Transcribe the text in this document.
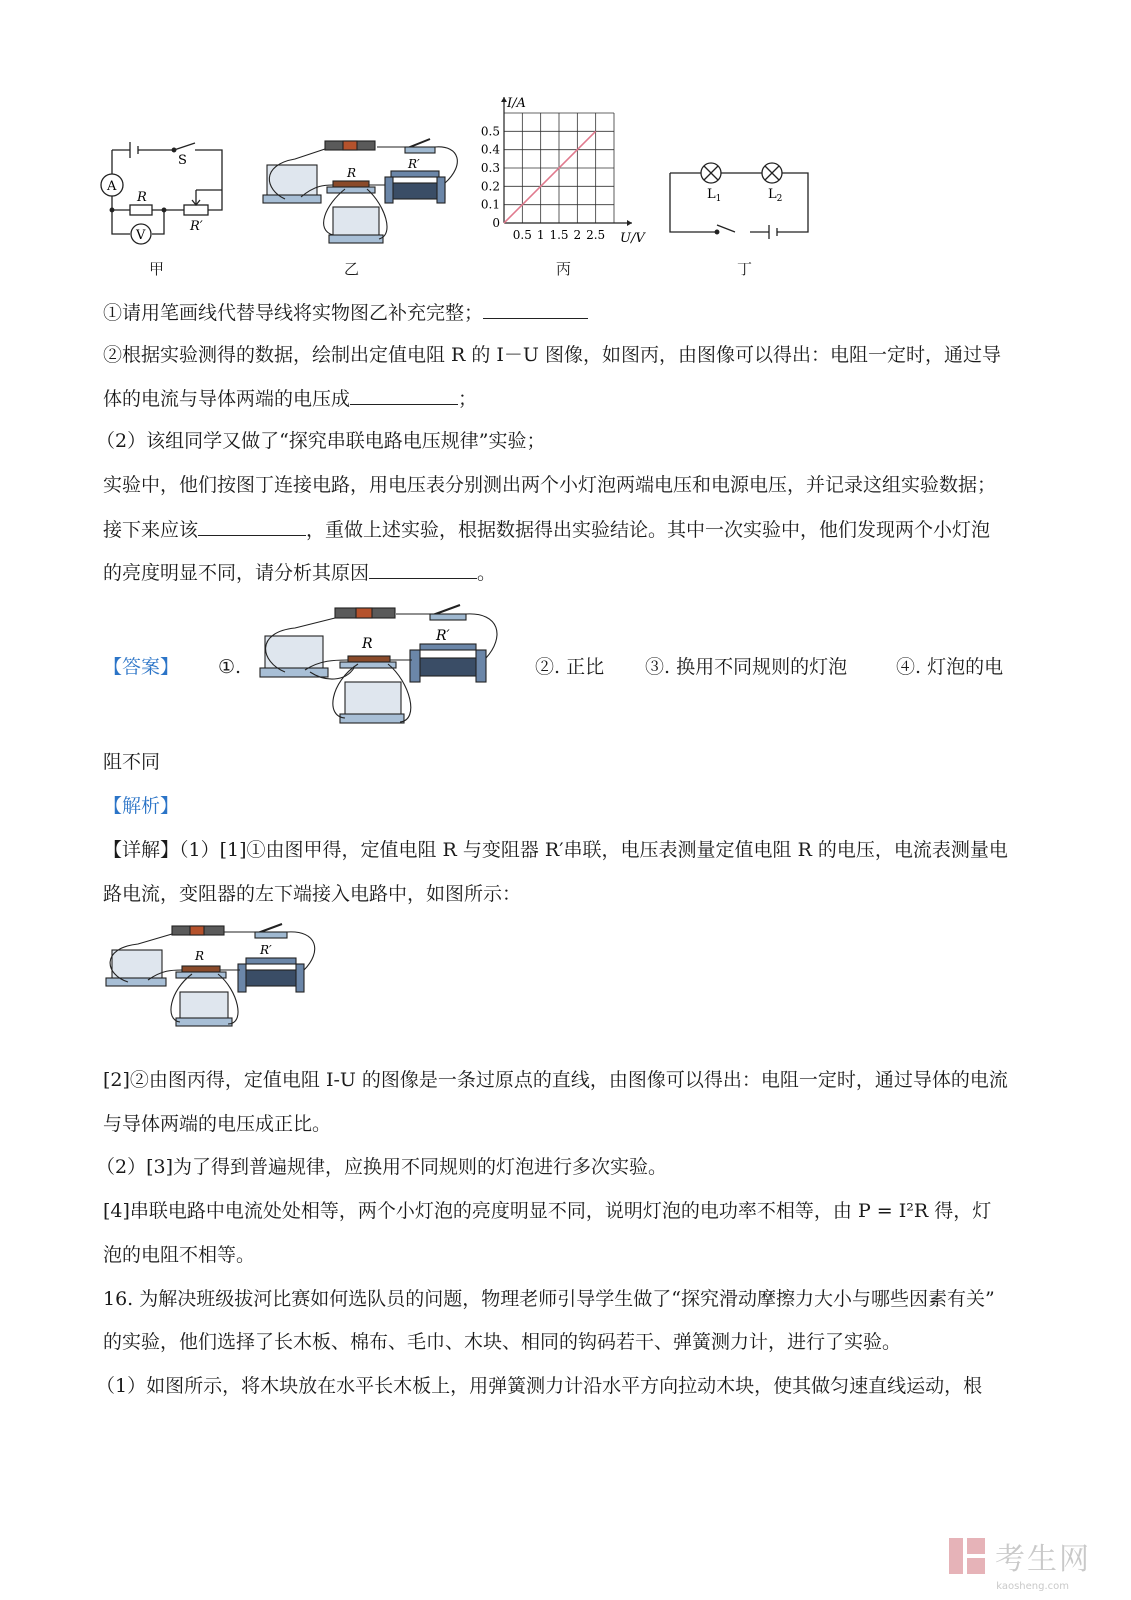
S
A
R
R′
V
R
R′
0.5 1 1.5 2 2.5
0.5
0.4
0.3
0.2
0.1
0
I/A
U/V
$L_1$	$L_2$
甲	乙	丙	丁
①请用笔画线代替导线将实物图乙补充完整；
②根据实验测得的数据，绘制出定值电阻 R 的 I－U 图像，如图丙，由图像可以得出：电阻一定时，通过导
体的电流与导体两端的电压成	；
（2）该组同学又做了“探究串联电路电压规律”实验；
实验中，他们按图丁连接电路，用电压表分别测出两个小灯泡两端电压和电源电压，并记录这组实验数据；
接下来应该	，重做上述实验，根据数据得出实验结论。其中一次实验中，他们发现两个小灯泡
的亮度明显不同，请分析其原因	。
【答案】 ①.
R	R′
②. 正比 ③. 换用不同规则的灯泡	④. 灯泡的电
阻不同
【解析】
【详解】（1）[1]①由图甲得，定值电阻 R 与变阻器 R′串联，电压表测量定值电阻 R 的电压，电流表测量电
路电流，变阻器的左下端接入电路中，如图所示：
R	R′
[2]②由图丙得，定值电阻 I-U 的图像是一条过原点的直线，由图像可以得出：电阻一定时，通过导体的电流
与导体两端的电压成正比。
（2）[3]为了得到普遍规律，应换用不同规则的灯泡进行多次实验。
[4]串联电路中电流处处相等，两个小灯泡的亮度明显不同，说明灯泡的电功率不相等，由 P = I²R 得，灯
泡的电阻不相等。
16. 为解决班级拔河比赛如何选队员的问题，物理老师引导学生做了“探究滑动摩擦力大小与哪些因素有关”
的实验，他们选择了长木板、棉布、毛巾、木块、相同的钩码若干、弹簧测力计，进行了实验。
（1）如图所示，将木块放在水平长木板上，用弹簧测力计沿水平方向拉动木块，使其做匀速直线运动，根
考生网
kaosheng.com
